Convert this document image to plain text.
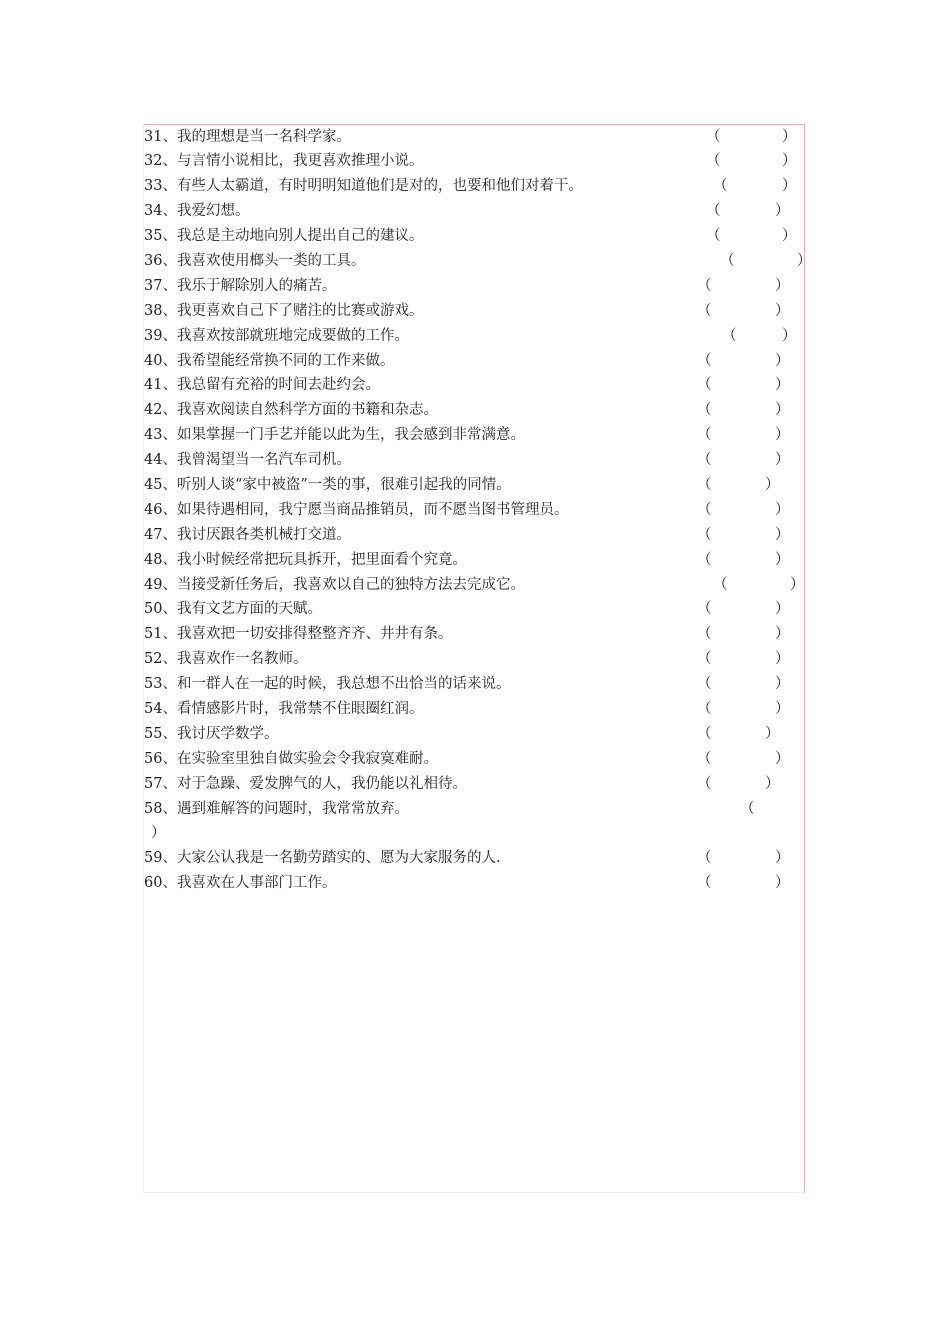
31、我的理想是当一名科学家。	（	）
32、与言情小说相比，我更喜欢推理小说。	（	）
33、有些人太霸道，有时明明知道他们是对的，也要和他们对着干。	（	）
34、我爱幻想。	（	）
35、我总是主动地向别人提出自己的建议。	（	）
36、我喜欢使用榔头一类的工具。	（	）
37、我乐于解除别人的痛苦。	（	）
38、我更喜欢自己下了赌注的比赛或游戏。	（	）
39、我喜欢按部就班地完成要做的工作。	（	）
40、我希望能经常换不同的工作来做。	（	）
41、我总留有充裕的时间去赴约会。	（	）
42、我喜欢阅读自然科学方面的书籍和杂志。	（	）
43、如果掌握一门手艺并能以此为生，我会感到非常满意。	（	）
44、我曾渴望当一名汽车司机。	（	）
45、听别人谈“家中被盗”一类的事，很难引起我的同情。	（	）
46、如果待遇相同，我宁愿当商品推销员，而不愿当图书管理员。	（	）
47、我讨厌跟各类机械打交道。	（	）
48、我小时候经常把玩具拆开，把里面看个究竟。	（	）
49、当接受新任务后，我喜欢以自己的独特方法去完成它。	（	）
50、我有文艺方面的天赋。	（	）
51、我喜欢把一切安排得整整齐齐、井井有条。	（	）
52、我喜欢作一名教师。	（	）
53、和一群人在一起的时候，我总想不出恰当的话来说。	（	）
54、看情感影片时，我常禁不住眼圈红润。	（	）
55、我讨厌学数学。	（	）
56、在实验室里独自做实验会令我寂寞难耐。	（	）
57、对于急躁、爱发脾气的人，我仍能以礼相待。	（	）
58、遇到难解答的问题时，我常常放弃。	（
）
59、大家公认我是一名勤劳踏实的、愿为大家服务的人.	（	）
60、我喜欢在人事部门工作。	（	）
